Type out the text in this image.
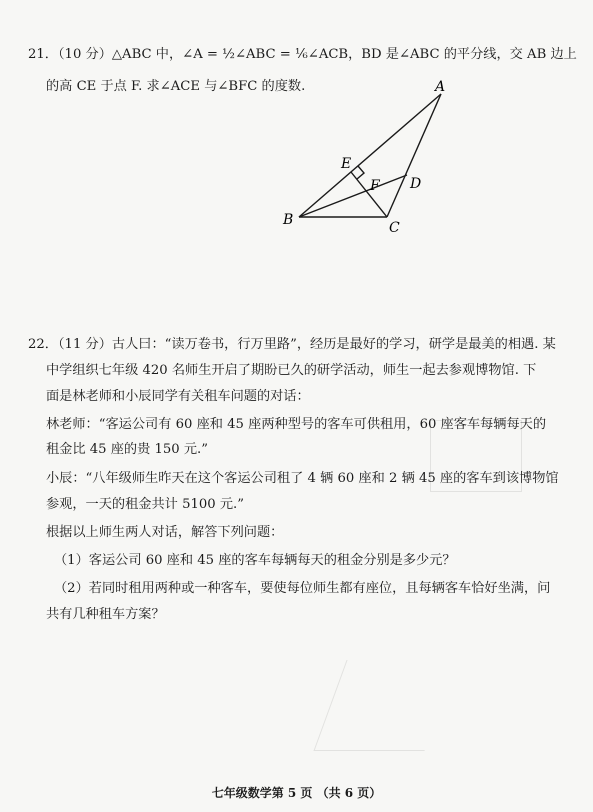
21．（10 分）△ABC 中，∠A = ½∠ABC = ⅙∠ACB，BD 是∠ABC 的平分线，交 AB 边上
的高 CE 于点 F. 求∠ACE 与∠BFC 的度数.	A
B	C
D
E
F
22．（11 分）古人曰：“读万卷书，行万里路”，经历是最好的学习，研学是最美的相遇. 某
中学组织七年级 420 名师生开启了期盼已久的研学活动，师生一起去参观博物馆. 下
面是林老师和小辰同学有关租车问题的对话：
林老师：“客运公司有 60 座和 45 座两种型号的客车可供租用，60 座客车每辆每天的
租金比 45 座的贵 150 元.”
小辰：“八年级师生昨天在这个客运公司租了 4 辆 60 座和 2 辆 45 座的客车到该博物馆
参观，一天的租金共计 5100 元.”
根据以上师生两人对话，解答下列问题：
（1）客运公司 60 座和 45 座的客车每辆每天的租金分别是多少元？
（2）若同时租用两种或一种客车，要使每位师生都有座位，且每辆客车恰好坐满，问
共有几种租车方案？
七年级数学第 5 页 （共 6 页）
